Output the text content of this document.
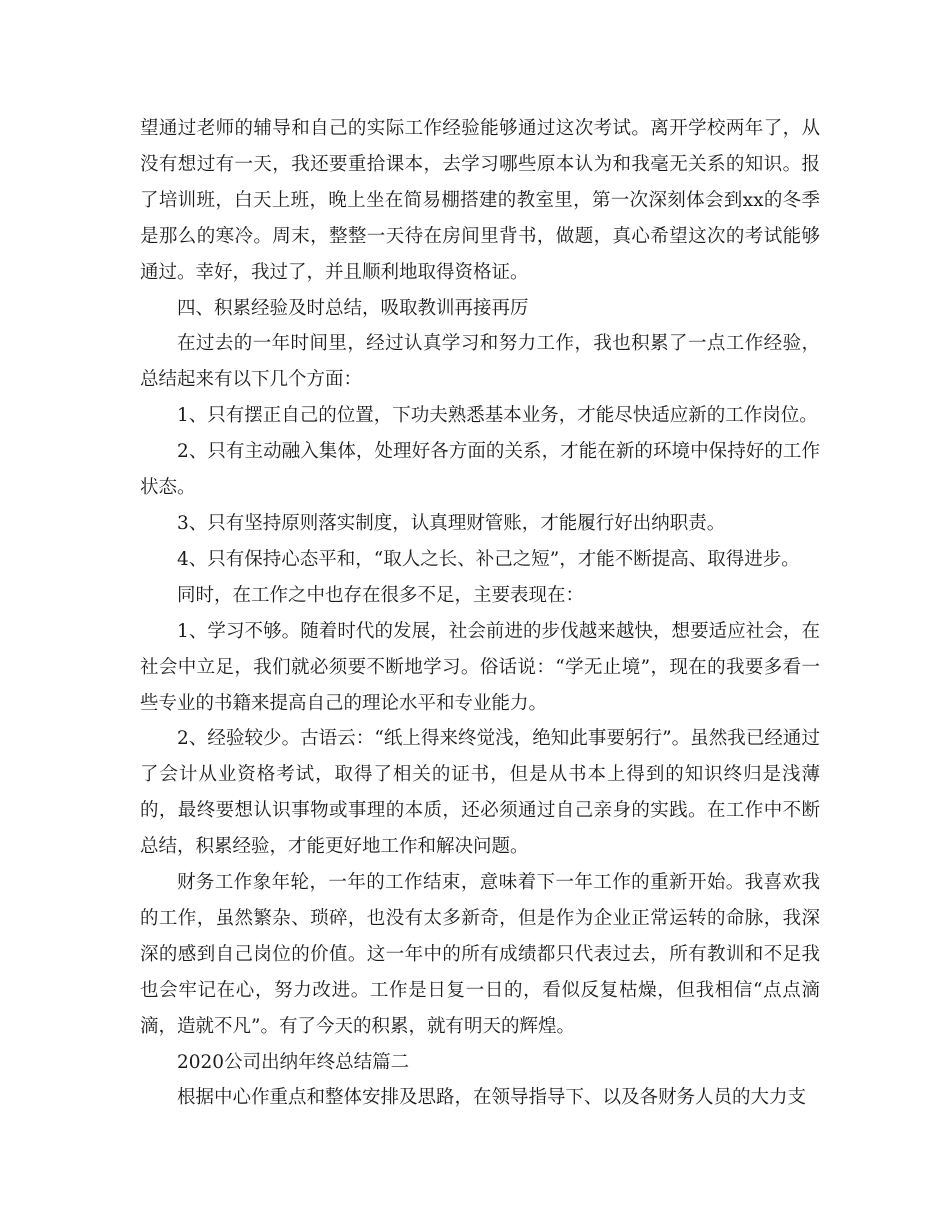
望通过老师的辅导和自己的实际工作经验能够通过这次考试。离开学校两年了，从没有想过有一天，我还要重拾课本，去学习哪些原本认为和我毫无关系的知识。报了培训班，白天上班，晚上坐在简易棚搭建的教室里，第一次深刻体会到xx的冬季是那么的寒冷。周末，整整一天待在房间里背书，做题，真心希望这次的考试能够通过。幸好，我过了，并且顺利地取得资格证。

四、积累经验及时总结，吸取教训再接再厉

在过去的一年时间里，经过认真学习和努力工作，我也积累了一点工作经验，总结起来有以下几个方面：

1、只有摆正自己的位置，下功夫熟悉基本业务，才能尽快适应新的工作岗位。

2、只有主动融入集体，处理好各方面的关系，才能在新的环境中保持好的工作状态。

3、只有坚持原则落实制度，认真理财管账，才能履行好出纳职责。

4、只有保持心态平和，“取人之长、补己之短”，才能不断提高、取得进步。

同时，在工作之中也存在很多不足，主要表现在：

1、学习不够。随着时代的发展，社会前进的步伐越来越快，想要适应社会，在社会中立足，我们就必须要不断地学习。俗话说：“学无止境”，现在的我要多看一些专业的书籍来提高自己的理论水平和专业能力。

2、经验较少。古语云：“纸上得来终觉浅，绝知此事要躬行”。虽然我已经通过了会计从业资格考试，取得了相关的证书，但是从书本上得到的知识终归是浅薄的，最终要想认识事物或事理的本质，还必须通过自己亲身的实践。在工作中不断总结，积累经验，才能更好地工作和解决问题。

财务工作象年轮，一年的工作结束，意味着下一年工作的重新开始。我喜欢我的工作，虽然繁杂、琐碎，也没有太多新奇，但是作为企业正常运转的命脉，我深深的感到自己岗位的价值。这一年中的所有成绩都只代表过去，所有教训和不足我也会牢记在心，努力改进。工作是日复一日的，看似反复枯燥，但我相信“点点滴滴，造就不凡”。有了今天的积累，就有明天的辉煌。

2020公司出纳年终总结篇二

根据中心作重点和整体安排及思路，在领导指导下、以及各财务人员的大力支
